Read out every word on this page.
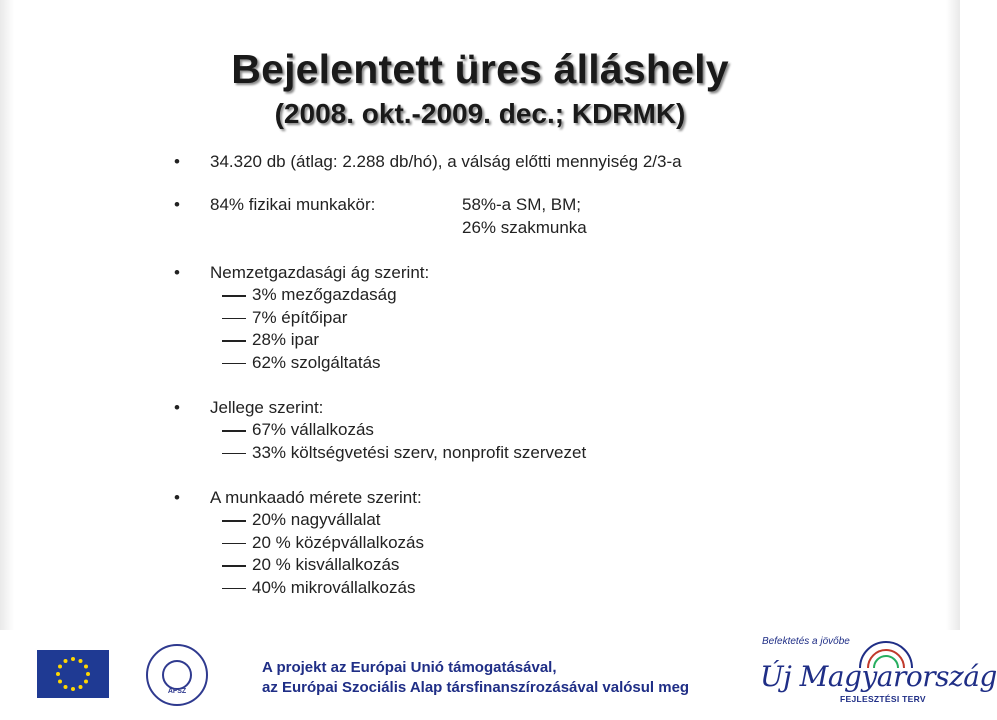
Bejelentett üres álláshely
(2008. okt.-2009. dec.; KDRMK)
• 34.320 db (átlag: 2.288 db/hó), a válság előtti mennyiség 2/3-a
• 84% fizikai munkakör:	58%-a SM, BM;
26% szakmunka
• Nemzetgazdasági ág szerint:
3% mezőgazdaság
7% építőipar
28% ipar
62% szolgáltatás
• Jellege szerint:
67% vállalkozás
33% költségvetési szerv, nonprofit szervezet
• A munkaadó mérete szerint:
20% nagyvállalat
20 % középvállalkozás
20 % kisvállalkozás
40% mikrovállalkozás
ÁFSZ
A projekt az Európai Unió támogatásával,
az Európai Szociális Alap társfinanszírozásával valósul meg
Befektetés a jövőbe
Új Magyarország
FEJLESZTÉSI TERV
